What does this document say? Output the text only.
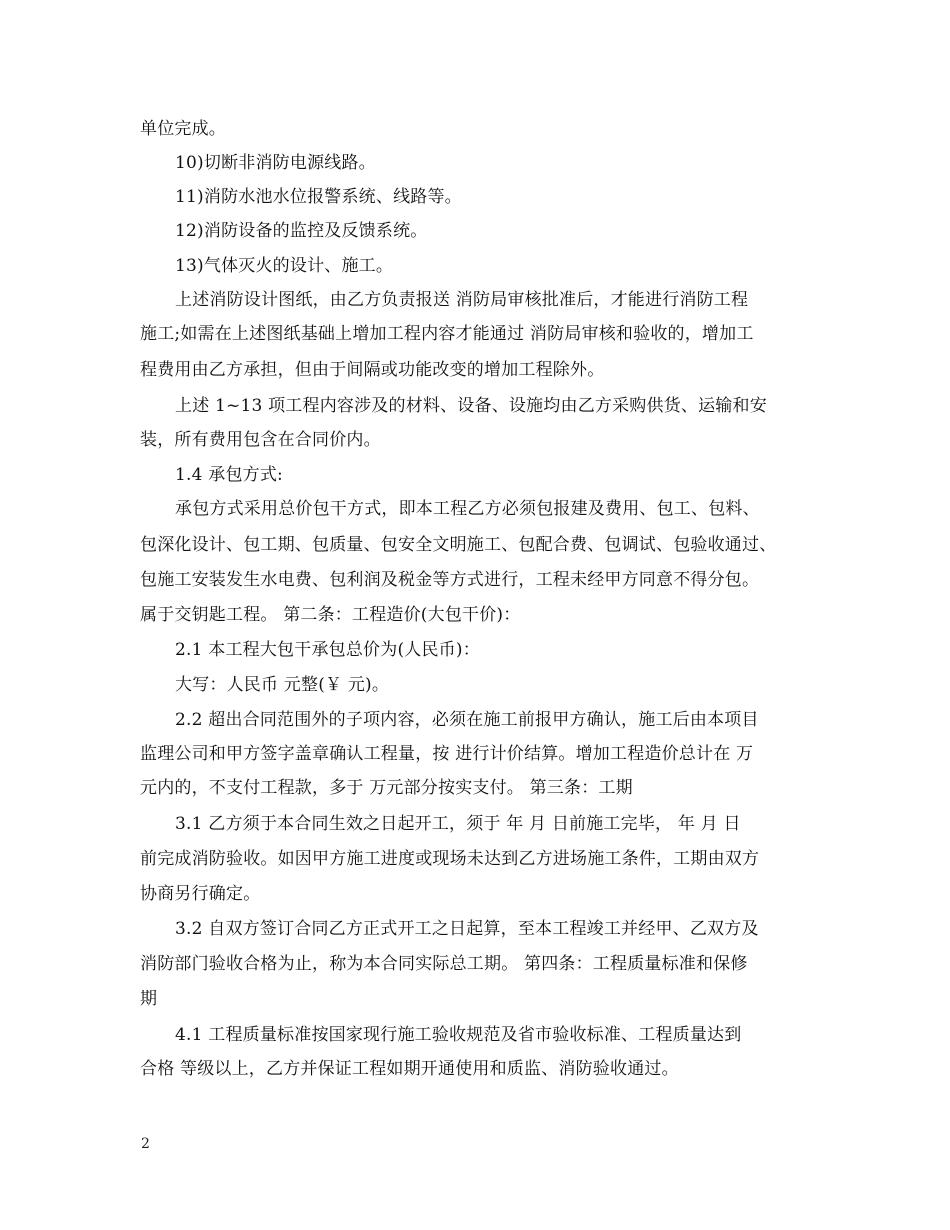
单位完成。
10)切断非消防电源线路。
11)消防水池水位报警系统、线路等。
12)消防设备的监控及反馈系统。
13)气体灭火的设计、施工。
上述消防设计图纸，由乙方负责报送 消防局审核批准后，才能进行消防工程
施工;如需在上述图纸基础上增加工程内容才能通过 消防局审核和验收的，增加工
程费用由乙方承担，但由于间隔或功能改变的增加工程除外。
上述 1~13 项工程内容涉及的材料、设备、设施均由乙方采购供货、运输和安
装，所有费用包含在合同价内。
1.4 承包方式:
承包方式采用总价包干方式，即本工程乙方必须包报建及费用、包工、包料、
包深化设计、包工期、包质量、包安全文明施工、包配合费、包调试、包验收通过、
包施工安装发生水电费、包利润及税金等方式进行，工程未经甲方同意不得分包。
属于交钥匙工程。 第二条：工程造价(大包干价)：
2.1 本工程大包干承包总价为(人民币)：
大写：人民币 元整(￥ 元)。
2.2 超出合同范围外的子项内容，必须在施工前报甲方确认，施工后由本项目
监理公司和甲方签字盖章确认工程量，按 进行计价结算。增加工程造价总计在 万
元内的，不支付工程款，多于 万元部分按实支付。 第三条：工期
3.1 乙方须于本合同生效之日起开工，须于 年 月 日前施工完毕， 年 月 日
前完成消防验收。如因甲方施工进度或现场未达到乙方进场施工条件，工期由双方
协商另行确定。
3.2 自双方签订合同乙方正式开工之日起算，至本工程竣工并经甲、乙双方及
消防部门验收合格为止，称为本合同实际总工期。 第四条：工程质量标准和保修
期
4.1 工程质量标准按国家现行施工验收规范及省市验收标准、工程质量达到
合格 等级以上，乙方并保证工程如期开通使用和质监、消防验收通过。
2
